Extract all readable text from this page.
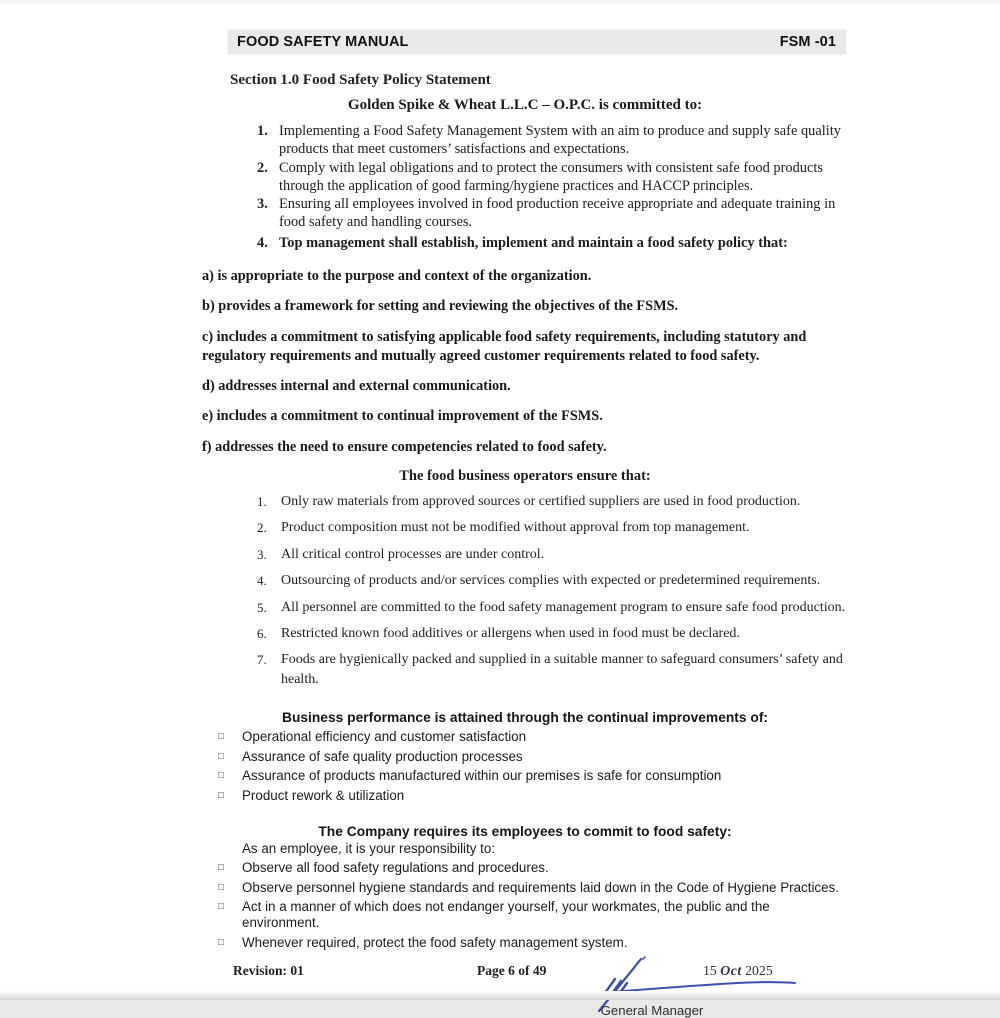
FOOD SAFETY MANUAL	FSM -01
Section 1.0 Food Safety Policy Statement
Golden Spike & Wheat L.L.C – O.P.C. is committed to:
1. Implementing a Food Safety Management System with an aim to produce and supply safe quality products that meet customers’ satisfactions and expectations.
2. Comply with legal obligations and to protect the consumers with consistent safe food products through the application of good farming/hygiene practices and HACCP principles.
3. Ensuring all employees involved in food production receive appropriate and adequate training in food safety and handling courses.
4. Top management shall establish, implement and maintain a food safety policy that:

a) is appropriate to the purpose and context of the organization.

b) provides a framework for setting and reviewing the objectives of the FSMS.

c) includes a commitment to satisfying applicable food safety requirements, including statutory and regulatory requirements and mutually agreed customer requirements related to food safety.

d) addresses internal and external communication.

e) includes a commitment to continual improvement of the FSMS.

f) addresses the need to ensure competencies related to food safety.

The food business operators ensure that:
1.	Only raw materials from approved sources or certified suppliers are used in food production.
2.	Product composition must not be modified without approval from top management.
3.	All critical control processes are under control.
4.	Outsourcing of products and/or services complies with expected or predetermined requirements.
5.	All personnel are committed to the food safety management program to ensure safe food production.
6.	Restricted known food additives or allergens when used in food must be declared.
7.	Foods are hygienically packed and supplied in a suitable manner to safeguard consumers’ safety and health.
Business performance is attained through the continual improvements of:
□	Operational efficiency and customer satisfaction
□	Assurance of safe quality production processes
□	Assurance of products manufactured within our premises is safe for consumption
□	Product rework & utilization
The Company requires its employees to commit to food safety:
As an employee, it is your responsibility to:
□	Observe all food safety regulations and procedures.
□	Observe personnel hygiene standards and requirements laid down in the Code of Hygiene Practices.
□	Act in a manner of which does not endanger yourself, your workmates, the public and the environment.
□	Whenever required, protect the food safety management system.
General Manager
Revision: 01	Page 6 of 49	15 Oct 2025
